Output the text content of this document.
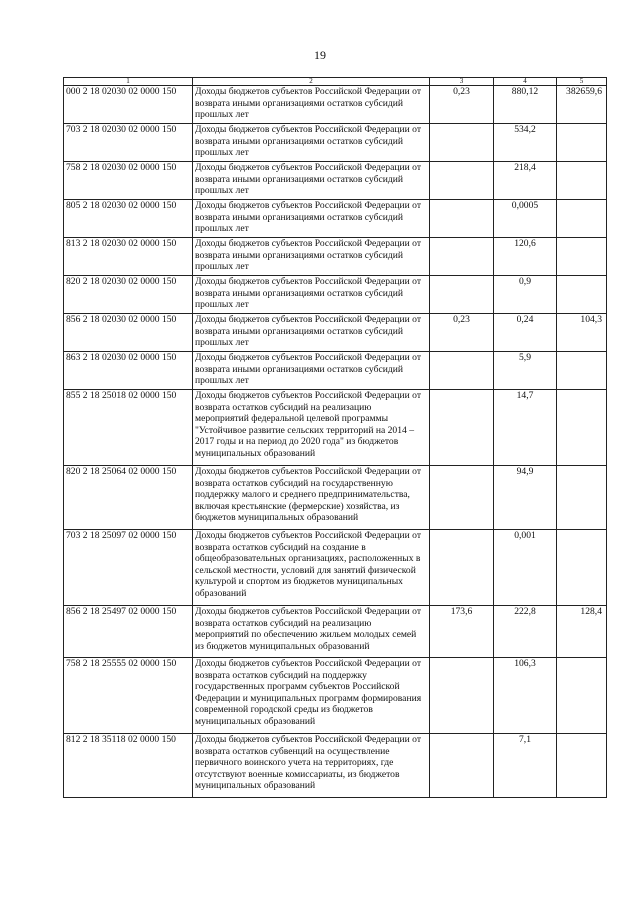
19
1	2	3	4	5
000 2 18 02030 02 0000 150	Доходы бюджетов субъектов Российской Федерации от возврата иными организациями остатков субсидий прошлых лет	0,23	880,12	382659,6
703 2 18 02030 02 0000 150	Доходы бюджетов субъектов Российской Федерации от возврата иными организациями остатков субсидий прошлых лет		534,2	
758 2 18 02030 02 0000 150	Доходы бюджетов субъектов Российской Федерации от возврата иными организациями остатков субсидий прошлых лет		218,4	
805 2 18 02030 02 0000 150	Доходы бюджетов субъектов Российской Федерации от возврата иными организациями остатков субсидий прошлых лет		0,0005	
813 2 18 02030 02 0000 150	Доходы бюджетов субъектов Российской Федерации от возврата иными организациями остатков субсидий прошлых лет		120,6	
820 2 18 02030 02 0000 150	Доходы бюджетов субъектов Российской Федерации от возврата иными организациями остатков субсидий прошлых лет		0,9	
856 2 18 02030 02 0000 150	Доходы бюджетов субъектов Российской Федерации от возврата иными организациями остатков субсидий прошлых лет	0,23	0,24	104,3
863 2 18 02030 02 0000 150	Доходы бюджетов субъектов Российской Федерации от возврата иными организациями остатков субсидий прошлых лет		5,9	
855 2 18 25018 02 0000 150	Доходы бюджетов субъектов Российской Федерации от возврата остатков субсидий на реализацию мероприятий федеральной целевой программы "Устойчивое развитие сельских территорий на 2014 – 2017 годы и на период до 2020 года" из бюджетов муниципальных образований		14,7	
820 2 18 25064 02 0000 150	Доходы бюджетов субъектов Российской Федерации от возврата остатков субсидий на государственную поддержку малого и среднего предпринимательства, включая крестьянские (фермерские) хозяйства, из бюджетов муниципальных образований		94,9	
703 2 18 25097 02 0000 150	Доходы бюджетов субъектов Российской Федерации от возврата остатков субсидий на создание в общеобразовательных организациях, расположенных в сельской местности, условий для занятий физической культурой и спортом из бюджетов муниципальных образований		0,001	
856 2 18 25497 02 0000 150	Доходы бюджетов субъектов Российской Федерации от возврата остатков субсидий на реализацию мероприятий по обеспечению жильем молодых семей из бюджетов муниципальных образований	173,6	222,8	128,4
758 2 18 25555 02 0000 150	Доходы бюджетов субъектов Российской Федерации от возврата остатков субсидий на поддержку государственных программ субъектов Российской Федерации и муниципальных программ формирования современной городской среды из бюджетов муниципальных образований		106,3	
812 2 18 35118 02 0000 150	Доходы бюджетов субъектов Российской Федерации от возврата остатков субвенций на осуществление первичного воинского учета на территориях, где отсутствуют военные комиссариаты, из бюджетов муниципальных образований		7,1	
